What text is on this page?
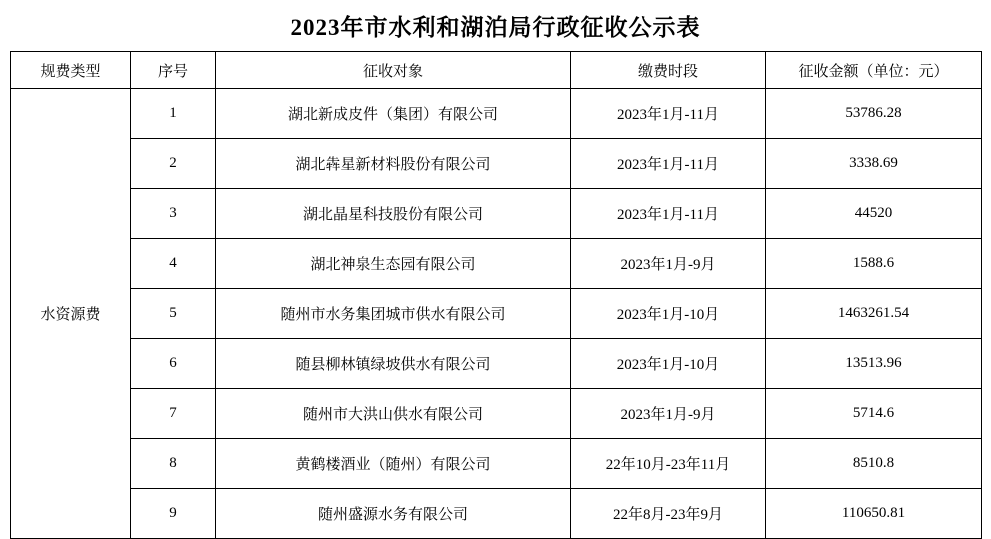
2023年市水利和湖泊局行政征收公示表
规费类型	序号	征收对象	缴费时段	征收金额（单位：元）
水资源费	1	湖北新成皮件（集团）有限公司	2023年1月-11月	53786.28
	2	湖北犇星新材料股份有限公司	2023年1月-11月	3338.69
	3	湖北晶星科技股份有限公司	2023年1月-11月	44520
	4	湖北神泉生态园有限公司	2023年1月-9月	1588.6
	5	随州市水务集团城市供水有限公司	2023年1月-10月	1463261.54
	6	随县柳林镇绿坡供水有限公司	2023年1月-10月	13513.96
	7	随州市大洪山供水有限公司	2023年1月-9月	5714.6
	8	黄鹤楼酒业（随州）有限公司	22年10月-23年11月	8510.8
	9	随州盛源水务有限公司	22年8月-23年9月	110650.81
